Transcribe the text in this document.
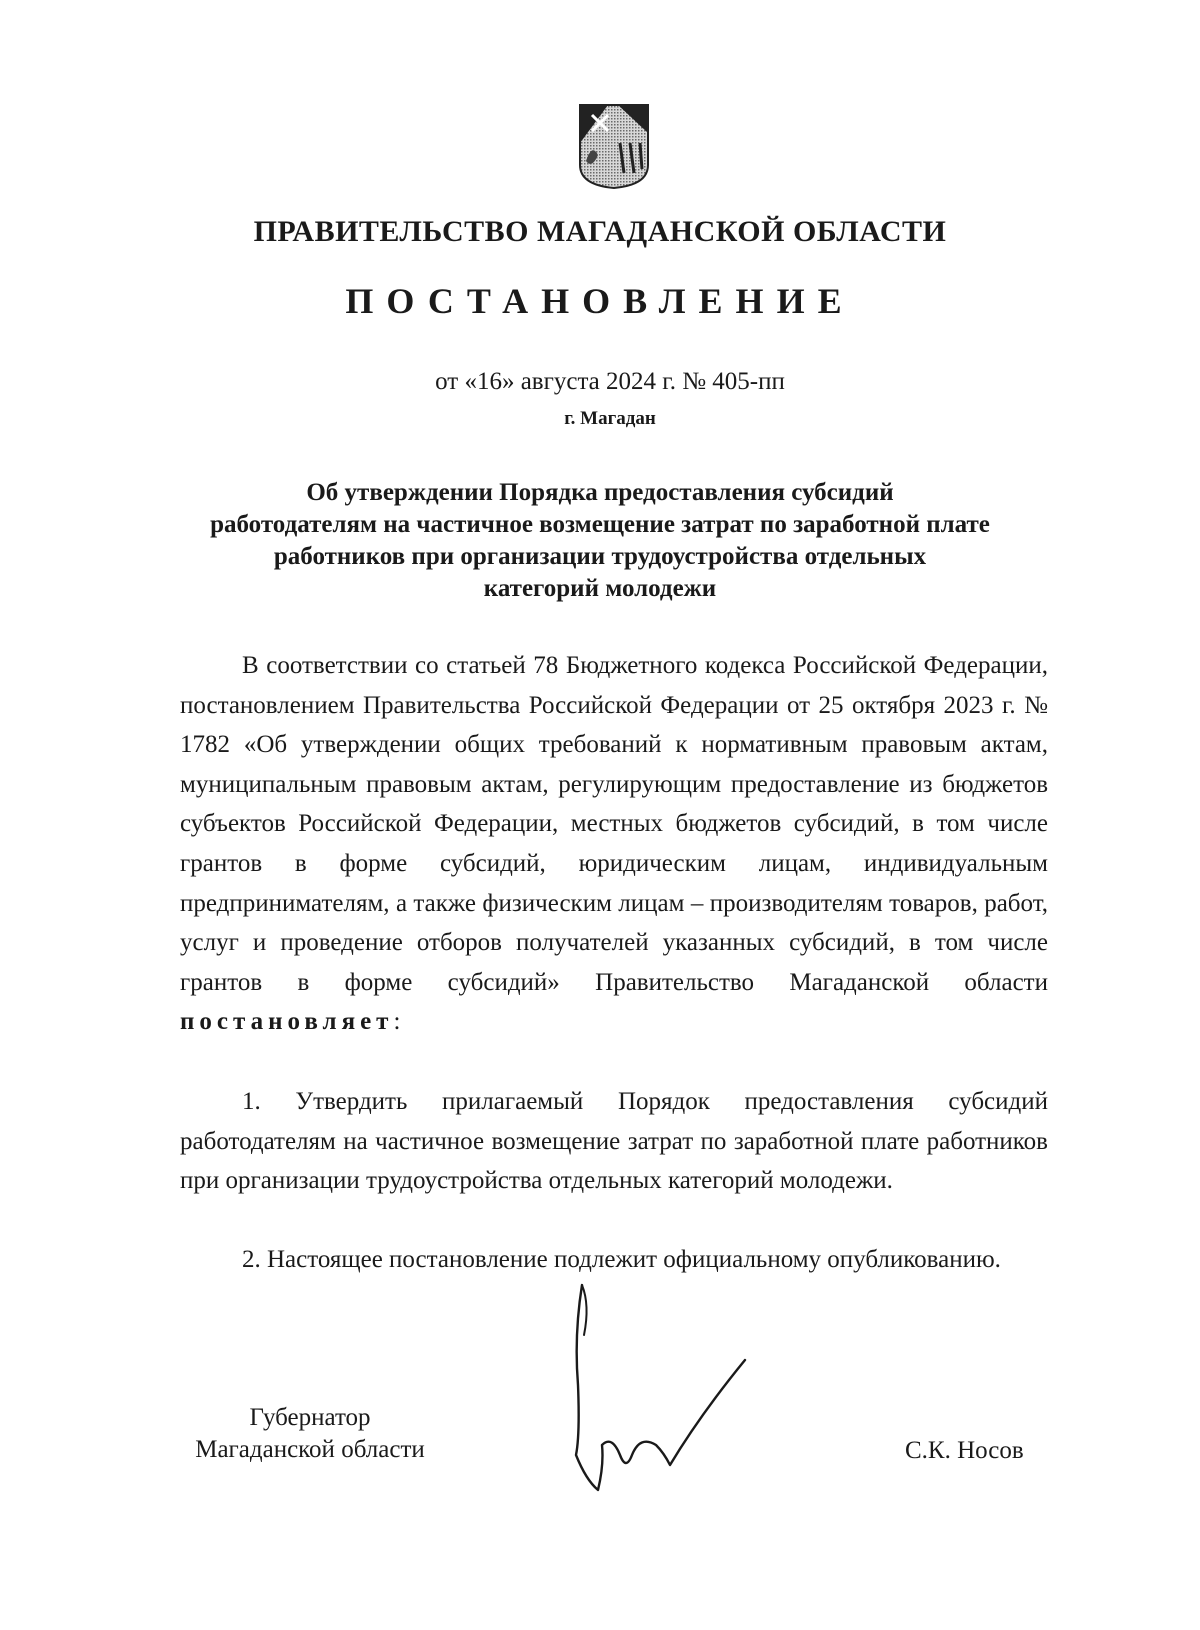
ПРАВИТЕЛЬСТВО МАГАДАНСКОЙ ОБЛАСТИ
ПОСТАНОВЛЕНИЕ
от «16» августа 2024 г. № 405-пп
г. Магадан
Об утверждении Порядка предоставления субсидий
работодателям на частичное возмещение затрат по заработной плате
работников при организации трудоустройства отдельных
категорий молодежи
В соответствии со статьей 78 Бюджетного кодекса Российской Федерации, постановлением Правительства Российской Федерации от 25 октября 2023 г. № 1782 «Об утверждении общих требований к нормативным правовым актам, муниципальным правовым актам, регулирующим предоставление из бюджетов субъектов Российской Федерации, местных бюджетов субсидий, в том числе грантов в форме субсидий, юридическим лицам, индивидуальным предпринимателям, а также физическим лицам – производителям товаров, работ, услуг и проведение отборов получателей указанных субсидий, в том числе грантов в форме субсидий» Правительство Магаданской области постановляет:
1. Утвердить прилагаемый Порядок предоставления субсидий работодателям на частичное возмещение затрат по заработной плате работников при организации трудоустройства отдельных категорий молодежи.
2. Настоящее постановление подлежит официальному опубликованию.
Губернатор
Магаданской области	С.К. Носов
